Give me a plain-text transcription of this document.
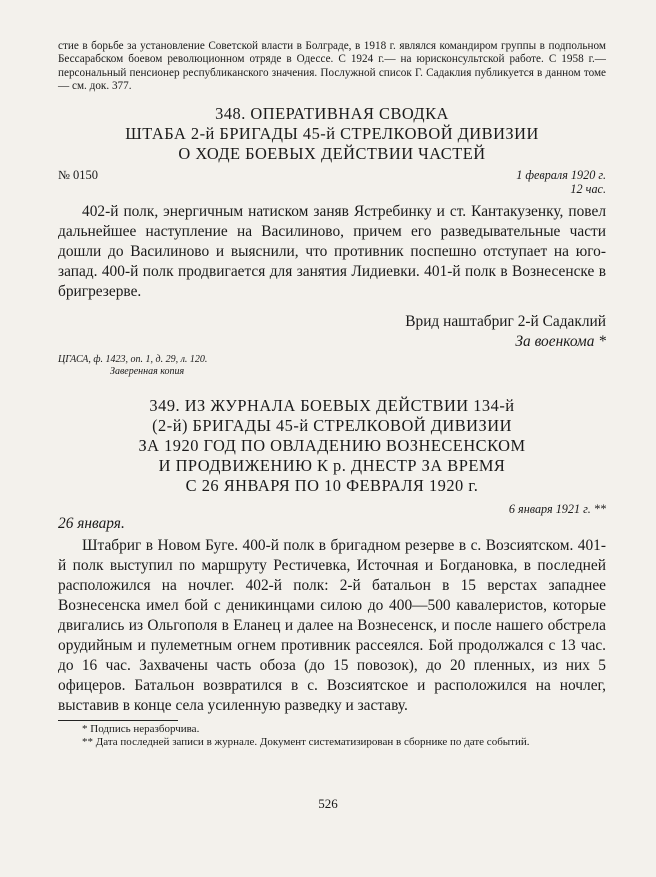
стие в борьбе за установление Советской власти в Болграде, в 1918 г. являлся командиром группы в подпольном Бессарабском боевом революционном отряде в Одессе. С 1924 г.— на юрисконсультской работе. С 1958 г.— персональный пенсионер республиканского значения. Послужной список Г. Садаклия публикуется в данном томе — см. док. 377.

348. ОПЕРАТИВНАЯ СВОДКА
ШТАБА 2-й БРИГАДЫ 45-й СТРЕЛКОВОЙ ДИВИЗИИ
О ХОДЕ БОЕВЫХ ДЕЙСТВИИ ЧАСТЕЙ
№ 0150	1 февраля 1920 г.
12 час.

402-й полк, энергичным натиском заняв Ястребинку и ст. Кантакузенку, повел дальнейшее наступление на Василиново, причем его разведывательные части дошли до Василиново и выяснили, что противник поспешно отступает на юго-запад. 400-й полк продвигается для занятия Лидиевки. 401-й полк в Вознесенске в бригрезерве.

Врид наштабриг 2-й Садаклий
За военкома *
ЦГАСА, ф. 1423, оп. 1, д. 29, л. 120.
Заверенная копия
349. ИЗ ЖУРНАЛА БОЕВЫХ ДЕЙСТВИИ 134-й
(2-й) БРИГАДЫ 45-й СТРЕЛКОВОЙ ДИВИЗИИ
ЗА 1920 ГОД ПО ОВЛАДЕНИЮ ВОЗНЕСЕНСКОМ
И ПРОДВИЖЕНИЮ К р. ДНЕСТР ЗА ВРЕМЯ
С 26 ЯНВАРЯ ПО 10 ФЕВРАЛЯ 1920 г.
6 января 1921 г. **
26 января.

Штабриг в Новом Буге. 400-й полк в бригадном резерве в с. Возсиятском. 401-й полк выступил по маршруту Рестичевка, Источная и Богдановка, в последней расположился на ночлег. 402-й полк: 2-й батальон в 15 верстах западнее Вознесенска имел бой с деникинцами силою до 400—500 кавалеристов, которые двигались из Ольгополя в Еланец и далее на Вознесенск, и после нашего обстрела орудийным и пулеметным огнем противник рассеялся. Бой продолжался с 13 час. до 16 час. Захвачены часть обоза (до 15 повозок), до 20 пленных, из них 5 офицеров. Батальон возвратился в с. Возсиятское и расположился на ночлег, выставив в конце села усиленную разведку и заставу.

* Подпись неразборчива.
** Дата последней записи в журнале. Документ систематизирован в сборнике по дате событий.
526
